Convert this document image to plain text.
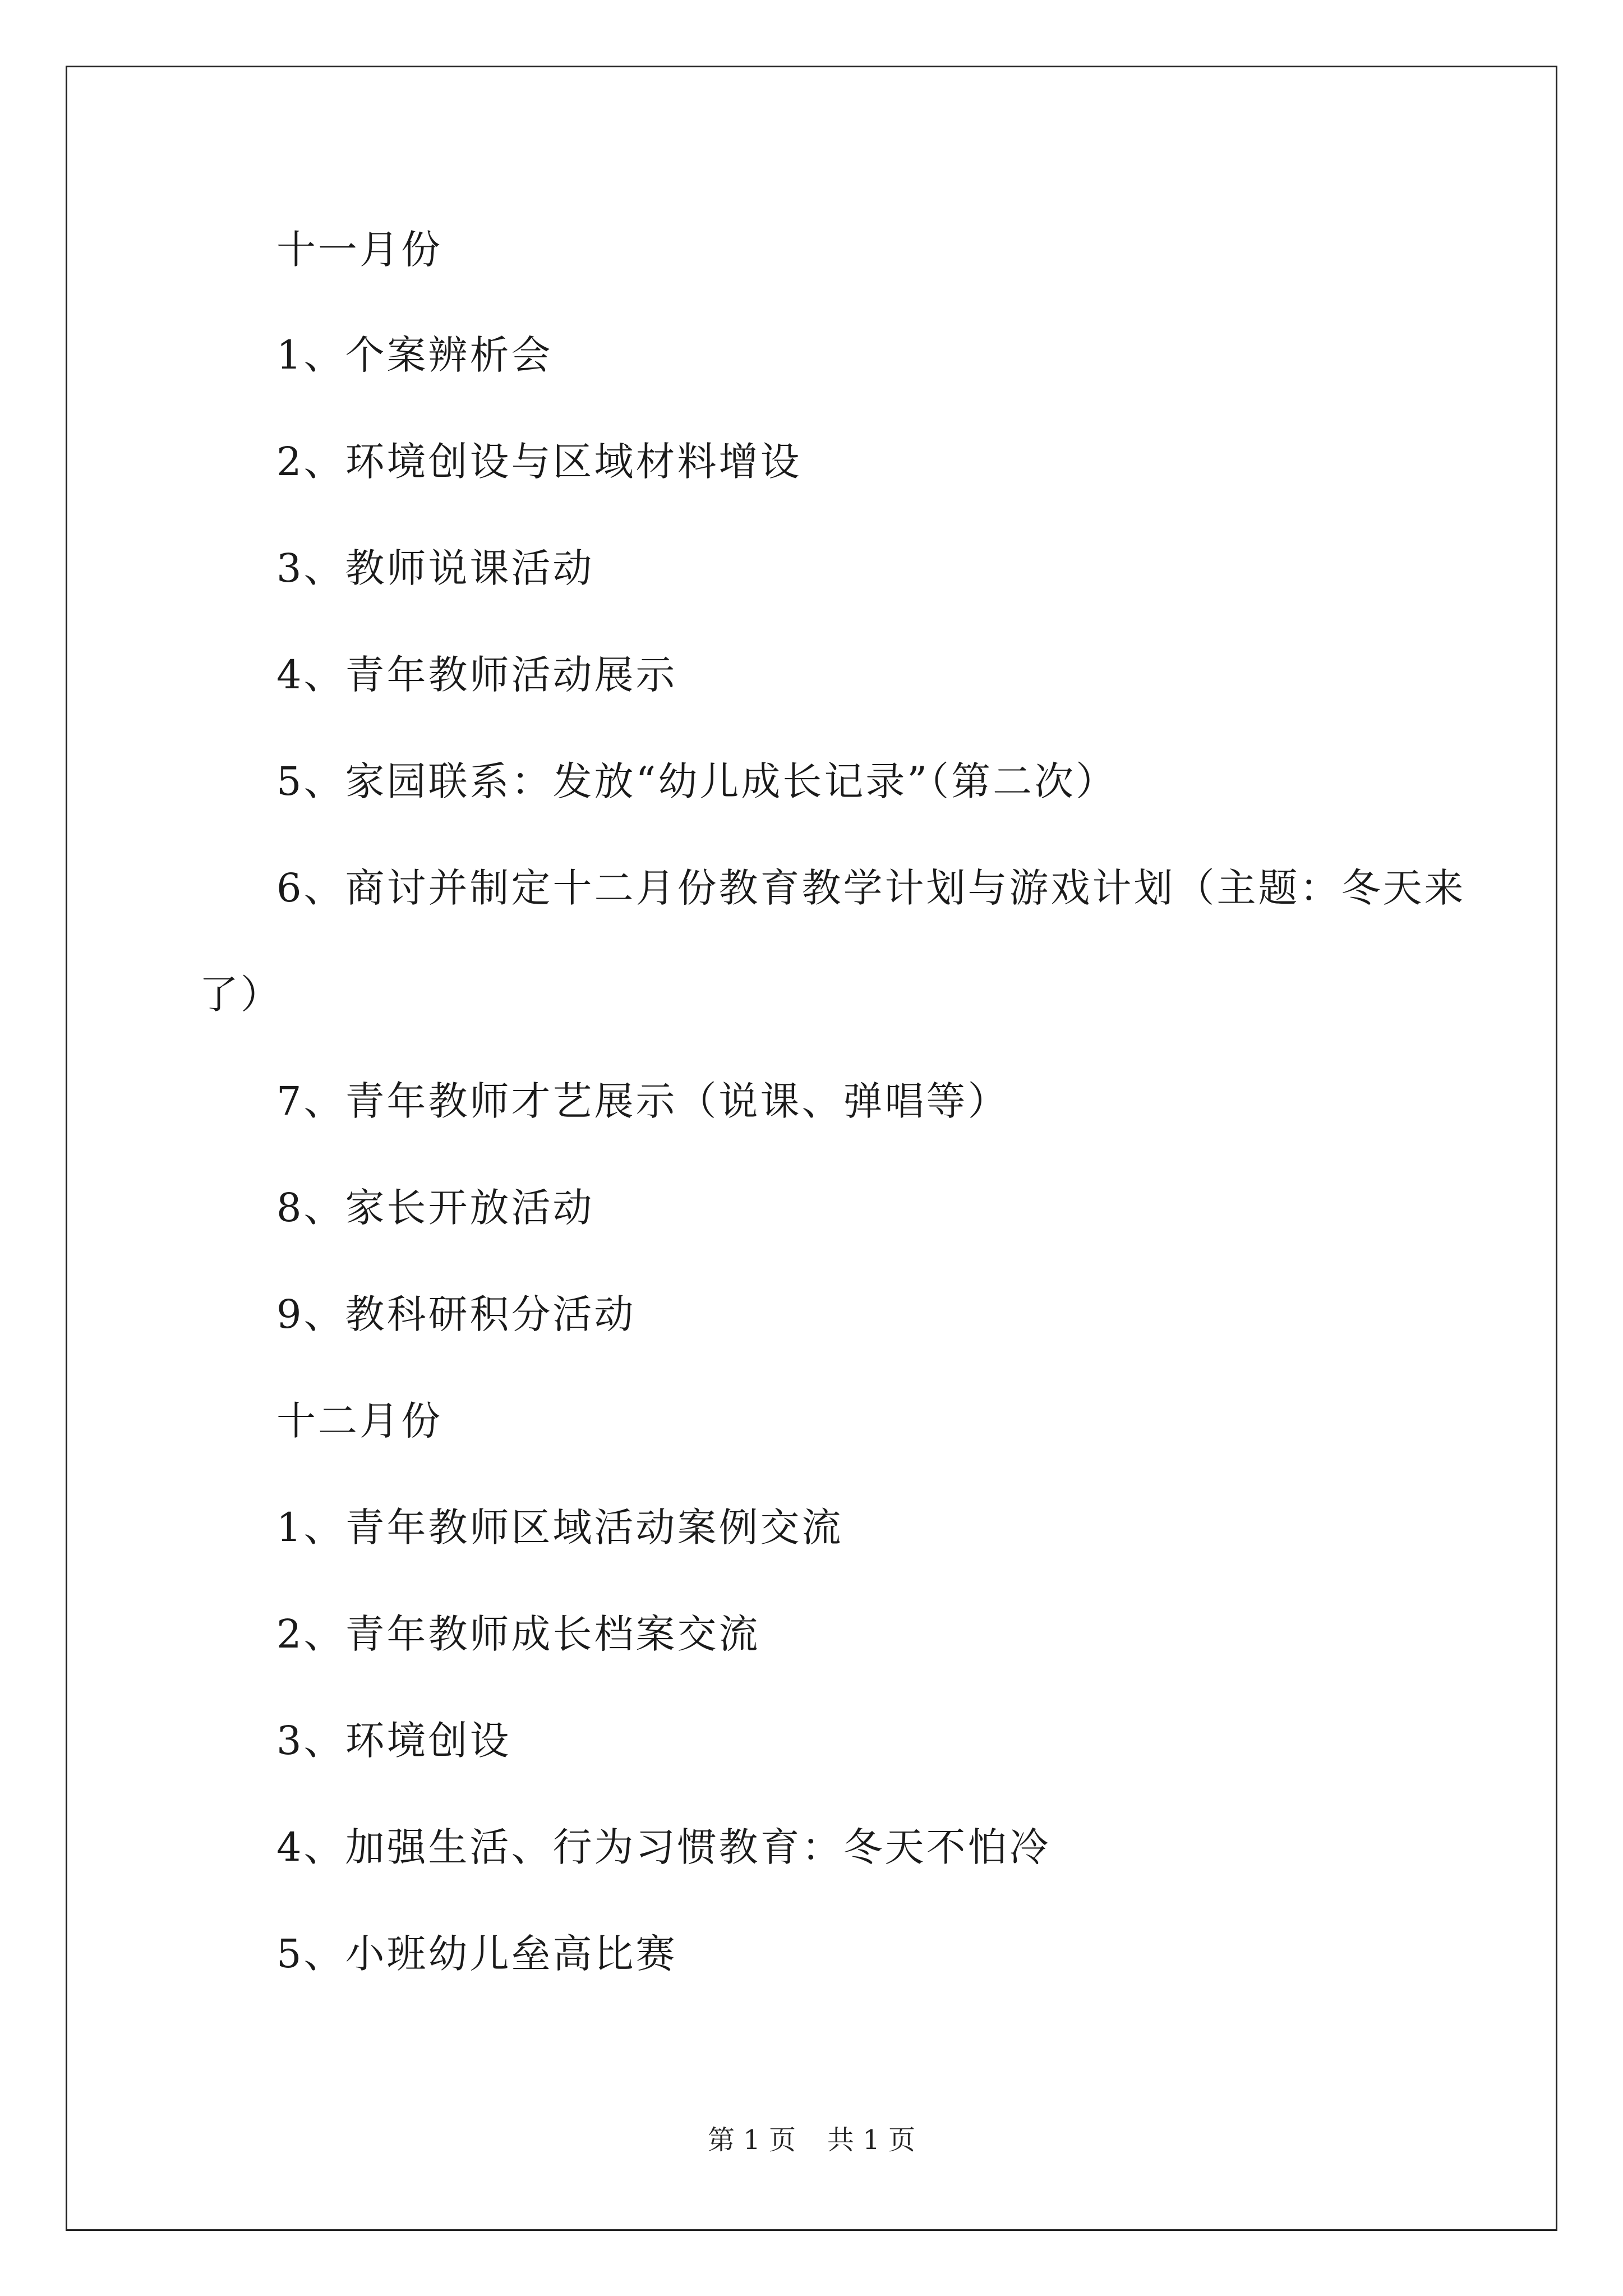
十一月份
1、个案辨析会
2、环境创设与区域材料增设
3、教师说课活动
4、青年教师活动展示
5、家园联系：发放“幼儿成长记录”（第二次）
6、商讨并制定十二月份教育教学计划与游戏计划（主题：冬天来
了）
7、青年教师才艺展示（说课、弹唱等）
8、家长开放活动
9、教科研积分活动
十二月份
1、青年教师区域活动案例交流
2、青年教师成长档案交流
3、环境创设
4、加强生活、行为习惯教育：冬天不怕冷
5、小班幼儿垒高比赛
第 1 页 共 1 页
